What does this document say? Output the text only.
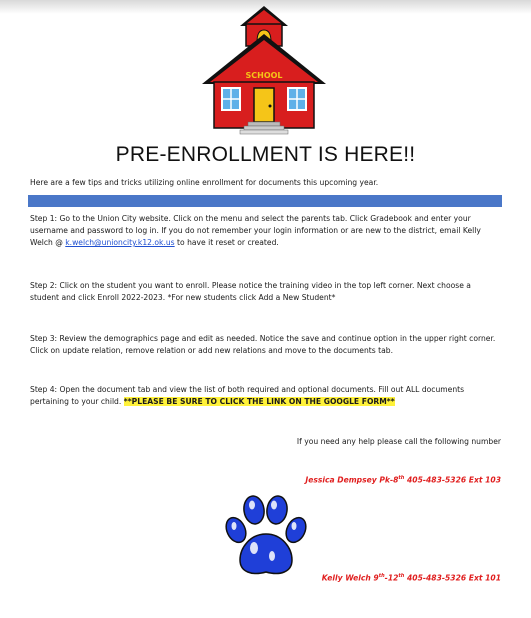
SCHOOL
PRE-ENROLLMENT IS HERE!!
Here are a few tips and tricks utilizing online enrollment for documents this upcoming year.
Step 1: Go to the Union City website. Click on the menu and select the parents tab. Click Gradebook and enter your username and password to log in. If you do not remember your login information or are new to the district, email Kelly Welch @ k.welch@unioncity.k12.ok.us to have it reset or created.
Step 2: Click on the student you want to enroll. Please notice the training video in the top left corner. Next choose a student and click Enroll 2022-2023. *For new students click Add a New Student*
Step 3: Review the demographics page and edit as needed. Notice the save and continue option in the upper right corner. Click on update relation, remove relation or add new relations and move to the documents tab.
Step 4: Open the document tab and view the list of both required and optional documents. Fill out ALL documents pertaining to your child. **PLEASE BE SURE TO CLICK THE LINK ON THE GOOGLE FORM**
If you need any help please call the following number
Jessica Dempsey Pk-8th 405-483-5326 Ext 103
Kelly Welch 9th-12th 405-483-5326 Ext 101
